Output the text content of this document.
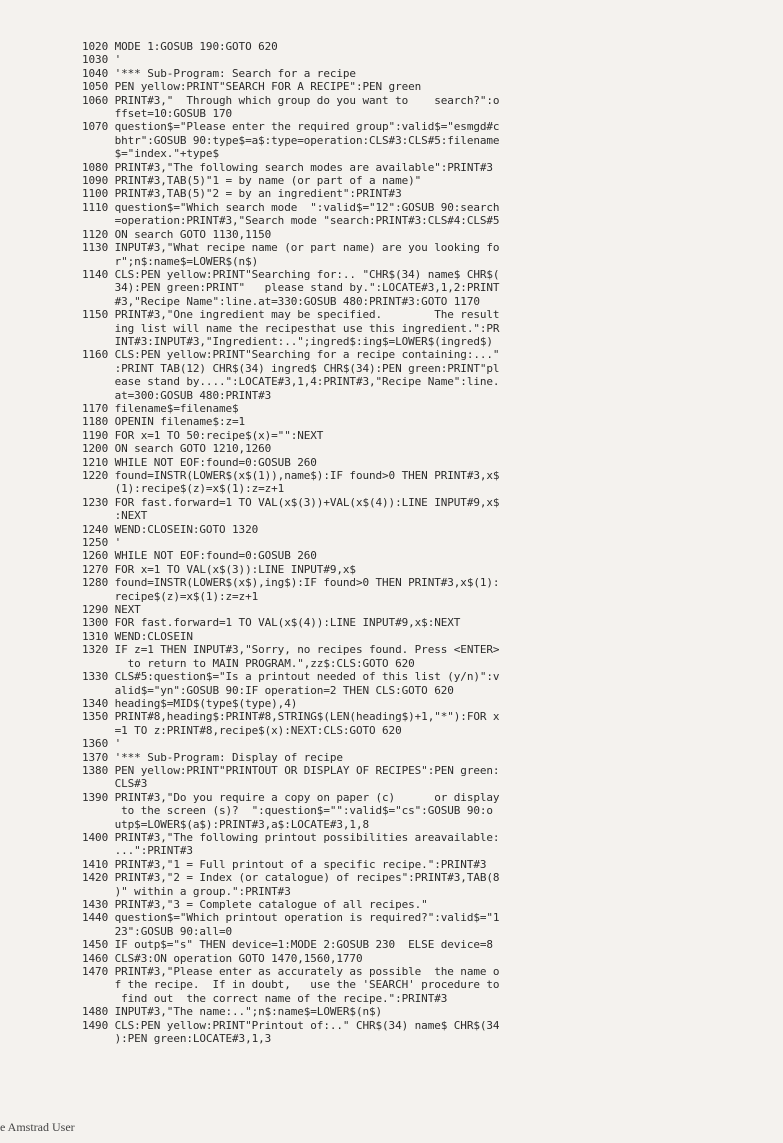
1020 MODE 1:GOSUB 190:GOTO 620
1030 '
1040 '*** Sub-Program: Search for a recipe
1050 PEN yellow:PRINT"SEARCH FOR A RECIPE":PEN green
1060 PRINT#3,"  Through which group do you want to    search?":o
ffset=10:GOSUB 170
1070 question$="Please enter the required group":valid$="esmgd#c
bhtr":GOSUB 90:type$=a$:type=operation:CLS#3:CLS#5:filename
$="index."+type$
1080 PRINT#3,"The following search modes are available":PRINT#3
1090 PRINT#3,TAB(5)"1 = by name (or part of a name)"
1100 PRINT#3,TAB(5)"2 = by an ingredient":PRINT#3
1110 question$="Which search mode  ":valid$="12":GOSUB 90:search
=operation:PRINT#3,"Search mode "search:PRINT#3:CLS#4:CLS#5
1120 ON search GOTO 1130,1150
1130 INPUT#3,"What recipe name (or part name) are you looking fo
r";n$:name$=LOWER$(n$)
1140 CLS:PEN yellow:PRINT"Searching for:.. "CHR$(34) name$ CHR$(
34):PEN green:PRINT"   please stand by.":LOCATE#3,1,2:PRINT
#3,"Recipe Name":line.at=330:GOSUB 480:PRINT#3:GOTO 1170
1150 PRINT#3,"One ingredient may be specified.        The result
ing list will name the recipesthat use this ingredient.":PR
INT#3:INPUT#3,"Ingredient:..";ingred$:ing$=LOWER$(ingred$)
1160 CLS:PEN yellow:PRINT"Searching for a recipe containing:..."
:PRINT TAB(12) CHR$(34) ingred$ CHR$(34):PEN green:PRINT"pl
ease stand by....":LOCATE#3,1,4:PRINT#3,"Recipe Name":line.
at=300:GOSUB 480:PRINT#3
1170 filename$=filename$
1180 OPENIN filename$:z=1
1190 FOR x=1 TO 50:recipe$(x)="":NEXT
1200 ON search GOTO 1210,1260
1210 WHILE NOT EOF:found=0:GOSUB 260
1220 found=INSTR(LOWER$(x$(1)),name$):IF found>0 THEN PRINT#3,x$
(1):recipe$(z)=x$(1):z=z+1
1230 FOR fast.forward=1 TO VAL(x$(3))+VAL(x$(4)):LINE INPUT#9,x$
:NEXT
1240 WEND:CLOSEIN:GOTO 1320
1250 '
1260 WHILE NOT EOF:found=0:GOSUB 260
1270 FOR x=1 TO VAL(x$(3)):LINE INPUT#9,x$
1280 found=INSTR(LOWER$(x$),ing$):IF found>0 THEN PRINT#3,x$(1):
recipe$(z)=x$(1):z=z+1
1290 NEXT
1300 FOR fast.forward=1 TO VAL(x$(4)):LINE INPUT#9,x$:NEXT
1310 WEND:CLOSEIN
1320 IF z=1 THEN INPUT#3,"Sorry, no recipes found. Press <ENTER>
to return to MAIN PROGRAM.",zz$:CLS:GOTO 620
1330 CLS#5:question$="Is a printout needed of this list (y/n)":v
alid$="yn":GOSUB 90:IF operation=2 THEN CLS:GOTO 620
1340 heading$=MID$(type$(type),4)
1350 PRINT#8,heading$:PRINT#8,STRING$(LEN(heading$)+1,"*"):FOR x
=1 TO z:PRINT#8,recipe$(x):NEXT:CLS:GOTO 620
1360 '
1370 '*** Sub-Program: Display of recipe
1380 PEN yellow:PRINT"PRINTOUT OR DISPLAY OF RECIPES":PEN green:
CLS#3
1390 PRINT#3,"Do you require a copy on paper (c)      or display
to the screen (s)?  ":question$="":valid$="cs":GOSUB 90:o
utp$=LOWER$(a$):PRINT#3,a$:LOCATE#3,1,8
1400 PRINT#3,"The following printout possibilities areavailable:
...":PRINT#3
1410 PRINT#3,"1 = Full printout of a specific recipe.":PRINT#3
1420 PRINT#3,"2 = Index (or catalogue) of recipes":PRINT#3,TAB(8
)" within a group.":PRINT#3
1430 PRINT#3,"3 = Complete catalogue of all recipes."
1440 question$="Which printout operation is required?":valid$="1
23":GOSUB 90:all=0
1450 IF outp$="s" THEN device=1:MODE 2:GOSUB 230  ELSE device=8
1460 CLS#3:ON operation GOTO 1470,1560,1770
1470 PRINT#3,"Please enter as accurately as possible  the name o
f the recipe.  If in doubt,   use the 'SEARCH' procedure to
find out  the correct name of the recipe.":PRINT#3
1480 INPUT#3,"The name:..";n$:name$=LOWER$(n$)
1490 CLS:PEN yellow:PRINT"Printout of:.." CHR$(34) name$ CHR$(34
):PEN green:LOCATE#3,1,3
e Amstrad User
